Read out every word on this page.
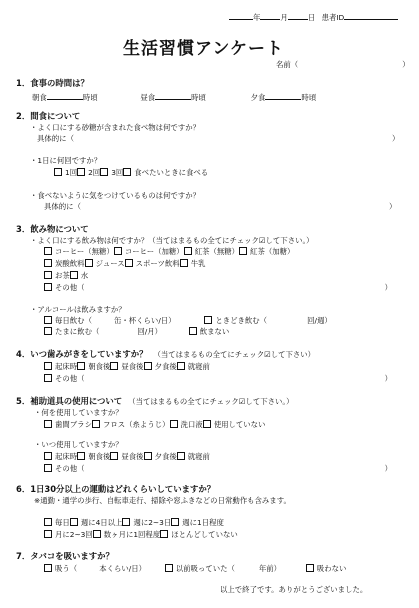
年	月	日 患者ID
生活習慣アンケート
名前（	）
1．食事の時間は？
朝食	時頃	昼食	時頃	夕食	時頃
2．間食について
・よく口にする砂糖が含まれた食べ物は何ですか？
具体的に（	）
・1日に何回ですか？
1回 2回 3回 食べたいときに食べる
・食べないように気をつけているものは何ですか？
具体的に（	）
3．飲み物について
・よく口にする飲み物は何ですか？（当てはまるもの全てにチェック☑して下さい。）
コーヒー（無糖） コーヒー（加糖） 紅茶（無糖） 紅茶（加糖）
炭酸飲料 ジュース スポーツ飲料 牛乳
お茶 水
その他（	）
・アルコールは飲みますか？
毎日飲む（	缶・杯くらい/日）	ときどき飲む（	回/週）
たまに飲む（	回/月）	飲まない
4．いつ歯みがきをしていますか？ （当てはまるもの全てにチェック☑して下さい）
起床時 朝食後 昼食後 夕食後 就寝前
その他（	）
5．補助道具の使用について （当てはまるもの全てにチェック☑して下さい。）
・何を使用していますか？
歯間ブラシ フロス（糸ようじ） 洗口液 使用していない
・いつ使用していますか？
起床時 朝食後 昼食後 夕食後 就寝前
その他（	）
6．1日30分以上の運動はどれくらいしていますか？
※通勤・通学の歩行、自転車走行、掃除や窓ふきなどの日常動作も含みます。
毎日 週に4日以上 週に2~3日 週に1日程度
月に2~3回 数ヶ月に1回程度 ほとんどしていない
7．タバコを吸いますか？
吸う（	本くらい/日）	以前吸っていた（	年前）	吸わない
以上で終了です。ありがとうございました。
